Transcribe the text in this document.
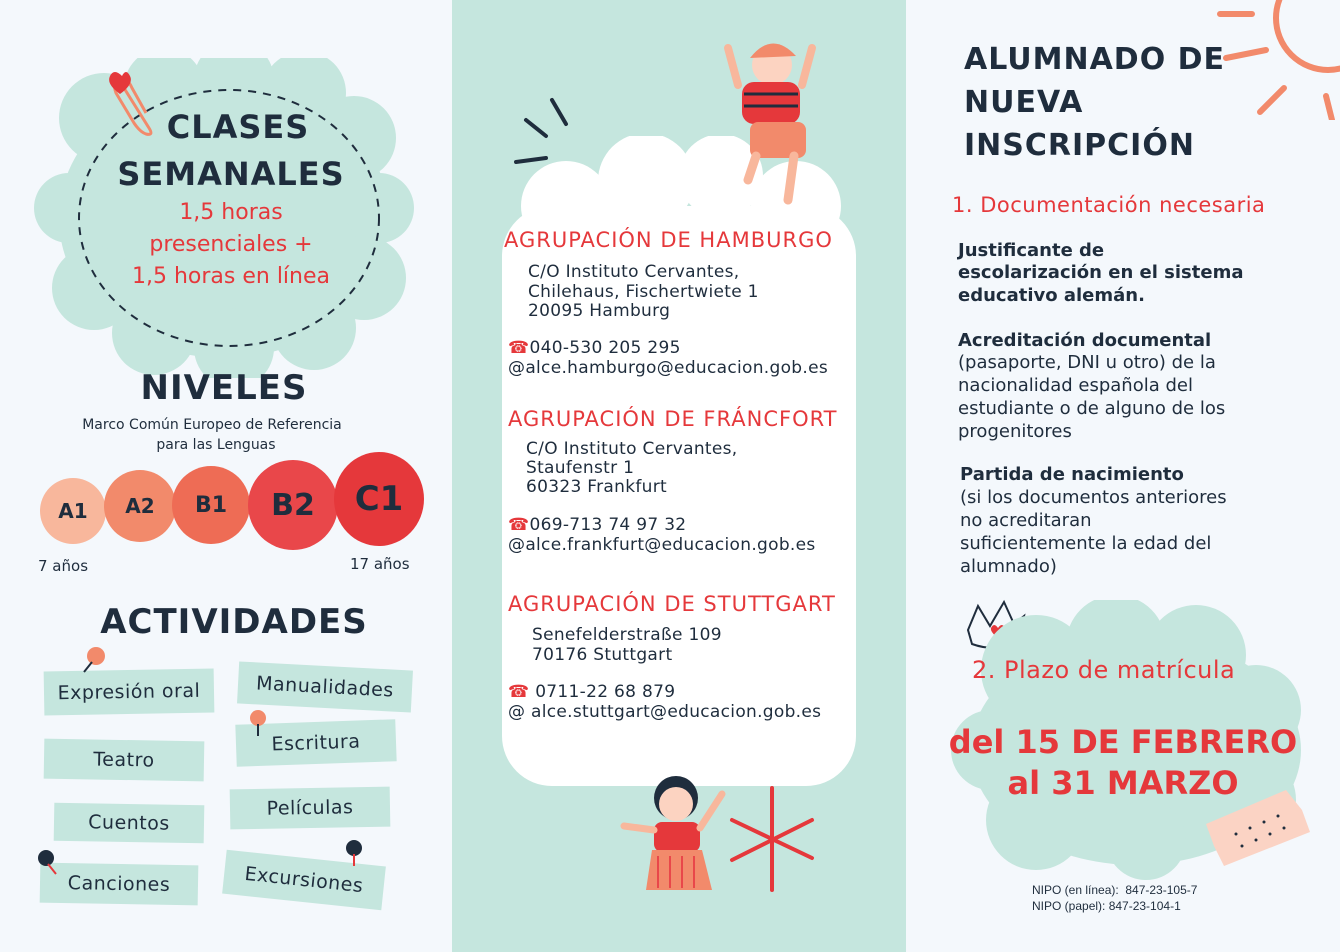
CLASES
SEMANALES
1,5 horas
presenciales +
1,5 horas en línea
NIVELES
Marco Común Europeo de Referencia
para las Lenguas
A1	A2	B1	B2	C1
7 años	17 años
ACTIVIDADES
Expresión oral	Manualidades
Teatro
Escritura
Cuentos
Películas
Canciones	Excursiones
AGRUPACIÓN DE HAMBURGO
C/O Instituto Cervantes,
Chilehaus, Fischertwiete 1
20095 Hamburg
☎040-530 205 295
@alce.hamburgo@educacion.gob.es
AGRUPACIÓN DE FRÁNCFORT
C/O Instituto Cervantes,
Staufenstr 1
60323 Frankfurt
☎069-713 74 97 32
@alce.frankfurt@educacion.gob.es
AGRUPACIÓN DE STUTTGART
Senefelderstraße 109
70176 Stuttgart
☎ 0711-22 68 879
@ alce.stuttgart@educacion.gob.es
ALUMNADO DE
NUEVA
INSCRIPCIÓN
1. Documentación necesaria
Justificante de
escolarización en el sistema
educativo alemán.
Acreditación documental
(pasaporte, DNI u otro) de la
nacionalidad española del
estudiante o de alguno de los
progenitores
Partida de nacimiento
(si los documentos anteriores
no acreditaran
suficientemente la edad del
alumnado)
2. Plazo de matrícula
del 15 DE FEBRERO
al 31 MARZO
NIPO (en línea):  847-23-105-7
NIPO (papel): 847-23-104-1
